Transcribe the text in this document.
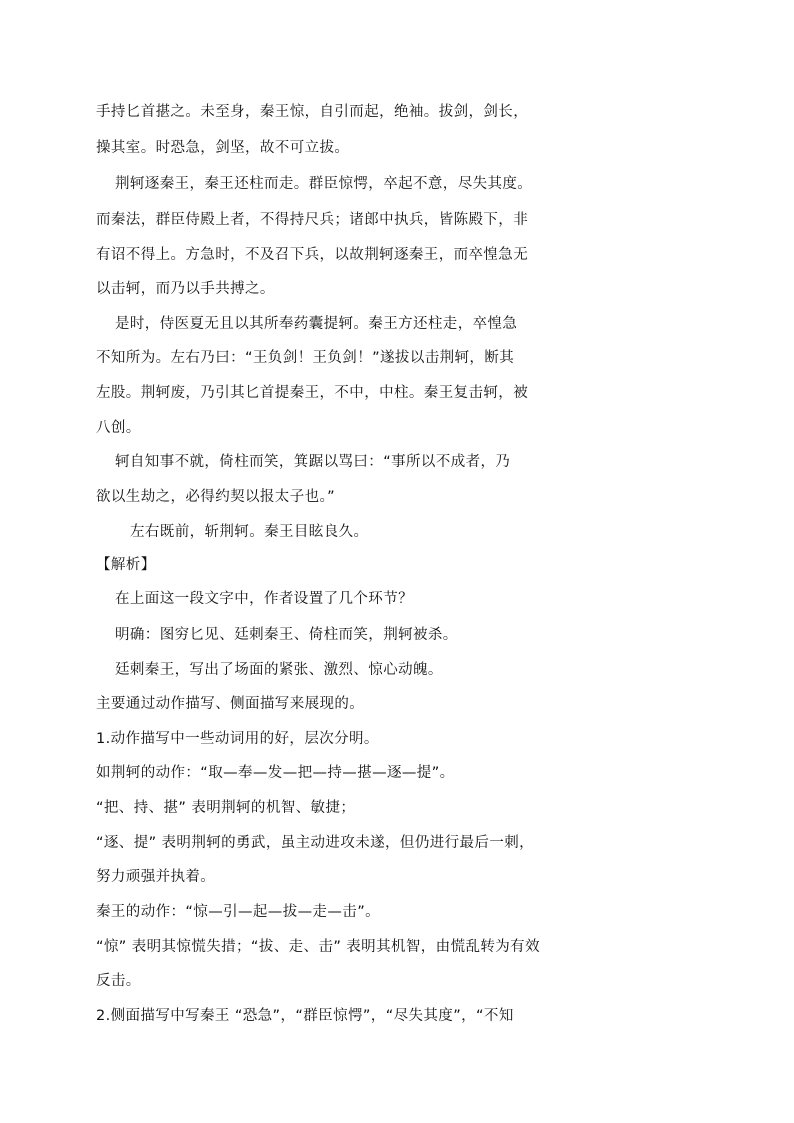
手持匕首揕之。未至身，秦王惊，自引而起，绝袖。拔剑，剑长，
操其室。时恐急，剑坚，故不可立拔。
荆轲逐秦王，秦王还柱而走。群臣惊愕，卒起不意，尽失其度。
而秦法，群臣侍殿上者，不得持尺兵；诸郎中执兵，皆陈殿下，非
有诏不得上。方急时，不及召下兵，以故荆轲逐秦王，而卒惶急无
以击轲，而乃以手共搏之。
是时，侍医夏无且以其所奉药囊提轲。秦王方还柱走，卒惶急
不知所为。左右乃曰：“王负剑！王负剑！”遂拔以击荆轲，断其
左股。荆轲废，乃引其匕首提秦王，不中，中柱。秦王复击轲，被
八创。
轲自知事不就，倚柱而笑，箕踞以骂曰：“事所以不成者，乃
欲以生劫之，必得约契以报太子也。”
左右既前，斩荆轲。秦王目眩良久。
【解析】
在上面这一段文字中，作者设置了几个环节？
明确：图穷匕见、廷刺秦王、倚柱而笑，荆轲被杀。
廷刺秦王，写出了场面的紧张、激烈、惊心动魄。
主要通过动作描写、侧面描写来展现的。
1.动作描写中一些动词用的好，层次分明。
如荆轲的动作：“取—奉—发—把—持—揕—逐—提”。
“把、持、揕” 表明荆轲的机智、敏捷；
“逐、提” 表明荆轲的勇武，虽主动进攻未遂，但仍进行最后一刺，
努力顽强并执着。
秦王的动作：“惊—引—起—拔—走—击”。
“惊” 表明其惊慌失措；“拔、走、击” 表明其机智，由慌乱转为有效
反击。
2.侧面描写中写秦王 “恐急”，“群臣惊愕”，“尽失其度”，“不知
